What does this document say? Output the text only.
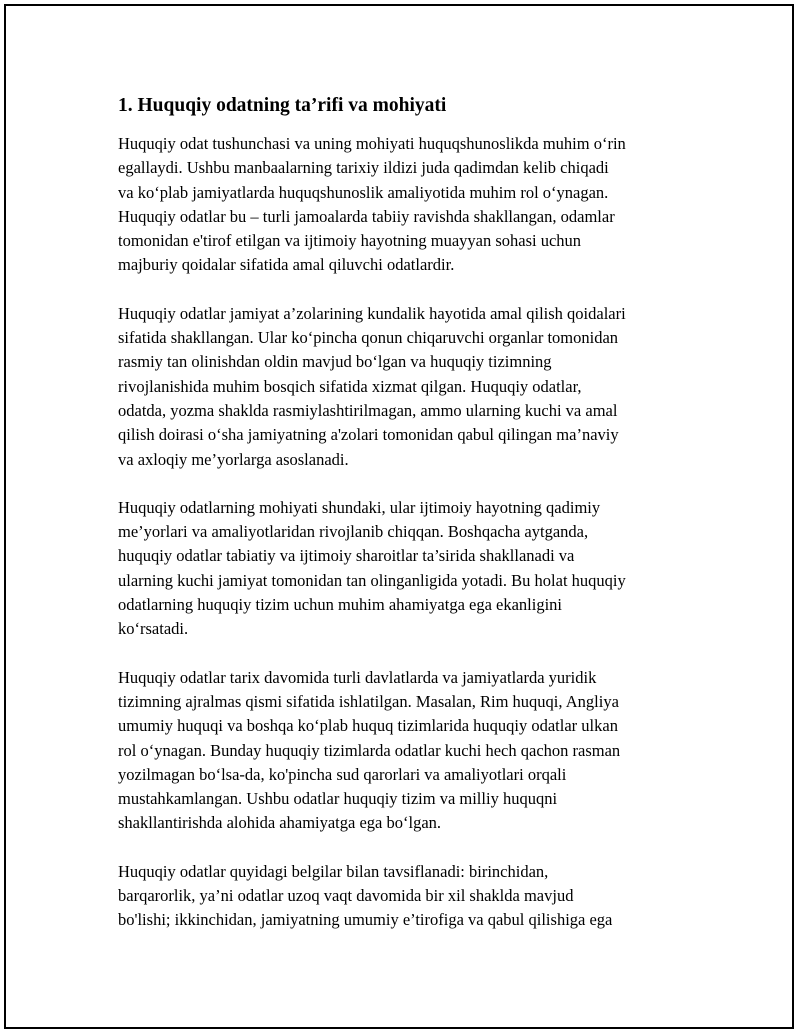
1. Huquqiy odatning ta’rifi va mohiyati
Huquqiy odat tushunchasi va uning mohiyati huquqshunoslikda muhim o‘rin
egallaydi. Ushbu manbaalarning tarixiy ildizi juda qadimdan kelib chiqadi
va ko‘plab jamiyatlarda huquqshunoslik amaliyotida muhim rol o‘ynagan.
Huquqiy odatlar bu – turli jamoalarda tabiiy ravishda shakllangan, odamlar
tomonidan e'tirof etilgan va ijtimoiy hayotning muayyan sohasi uchun
majburiy qoidalar sifatida amal qiluvchi odatlardir.
Huquqiy odatlar jamiyat a’zolarining kundalik hayotida amal qilish qoidalari
sifatida shakllangan. Ular ko‘pincha qonun chiqaruvchi organlar tomonidan
rasmiy tan olinishdan oldin mavjud bo‘lgan va huquqiy tizimning
rivojlanishida muhim bosqich sifatida xizmat qilgan. Huquqiy odatlar,
odatda, yozma shaklda rasmiylashtirilmagan, ammo ularning kuchi va amal
qilish doirasi o‘sha jamiyatning a'zolari tomonidan qabul qilingan ma’naviy
va axloqiy me’yorlarga asoslanadi.
Huquqiy odatlarning mohiyati shundaki, ular ijtimoiy hayotning qadimiy
me’yorlari va amaliyotlaridan rivojlanib chiqqan. Boshqacha aytganda,
huquqiy odatlar tabiatiy va ijtimoiy sharoitlar ta’sirida shakllanadi va
ularning kuchi jamiyat tomonidan tan olinganligida yotadi. Bu holat huquqiy
odatlarning huquqiy tizim uchun muhim ahamiyatga ega ekanligini
ko‘rsatadi.
Huquqiy odatlar tarix davomida turli davlatlarda va jamiyatlarda yuridik
tizimning ajralmas qismi sifatida ishlatilgan. Masalan, Rim huquqi, Angliya
umumiy huquqi va boshqa ko‘plab huquq tizimlarida huquqiy odatlar ulkan
rol o‘ynagan. Bunday huquqiy tizimlarda odatlar kuchi hech qachon rasman
yozilmagan bo‘lsa-da, ko'pincha sud qarorlari va amaliyotlari orqali
mustahkamlangan. Ushbu odatlar huquqiy tizim va milliy huquqni
shakllantirishda alohida ahamiyatga ega bo‘lgan.
Huquqiy odatlar quyidagi belgilar bilan tavsiflanadi: birinchidan,
barqarorlik, ya’ni odatlar uzoq vaqt davomida bir xil shaklda mavjud
bo'lishi; ikkinchidan, jamiyatning umumiy e’tirofiga va qabul qilishiga ega
